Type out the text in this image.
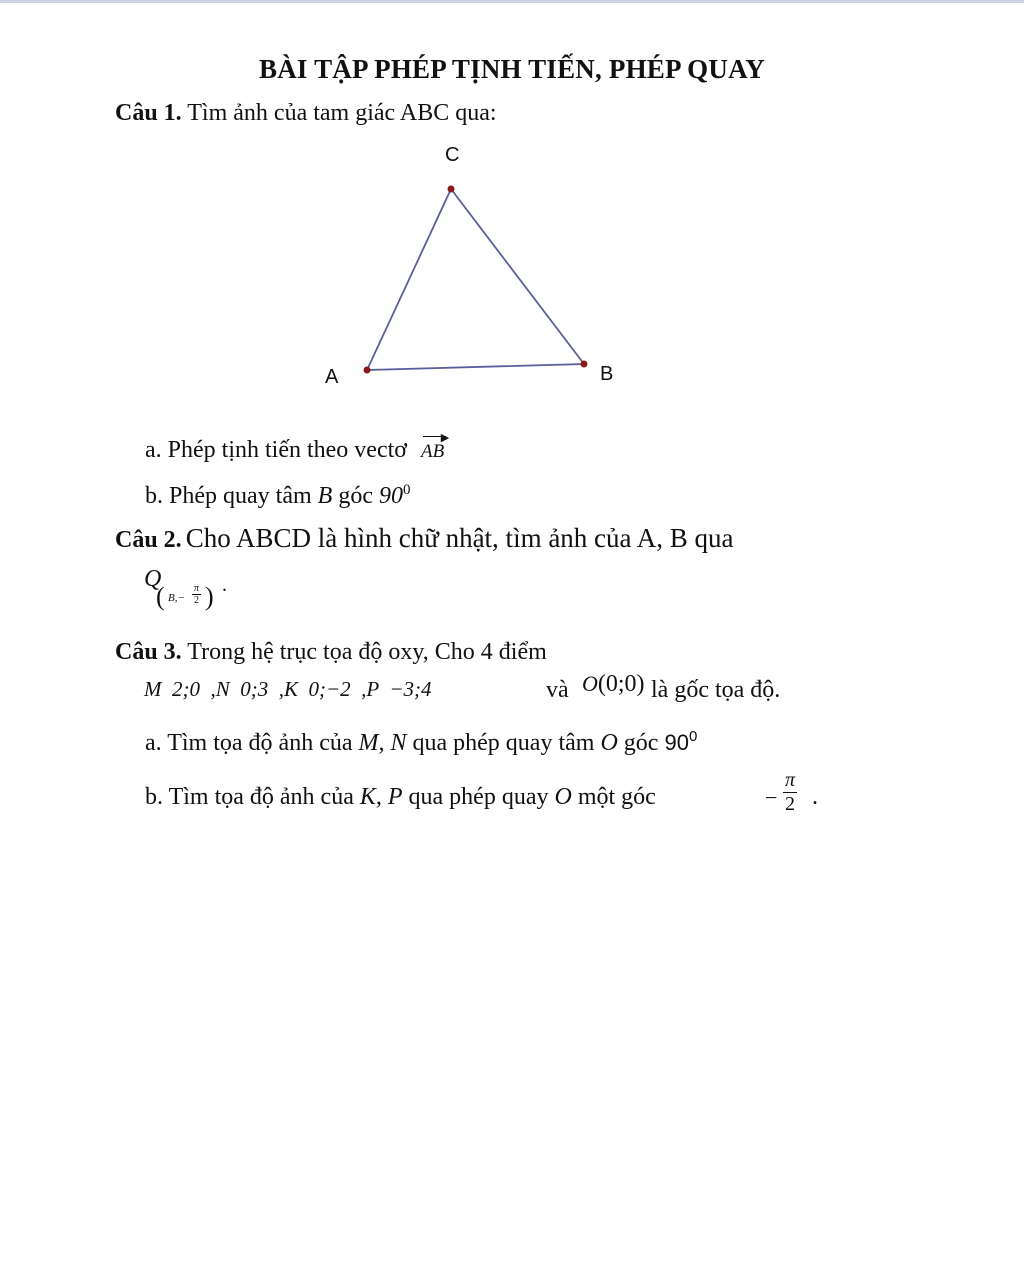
BÀI TẬP PHÉP TỊNH TIẾN, PHÉP QUAY
Câu 1. Tìm ảnh của tam giác ABC qua:
C
A	B
a. Phép tịnh tiến theo vectơ AB
▶
b. Phép quay tâm B góc $90^0$
Câu 2. Cho ABCD là hình chữ nhật, tìm ảnh của A, B qua
Q
( $B,- \frac{\pi}{2}$ ) .
Câu 3. Trong hệ trục tọa độ oxy, Cho 4 điểm
M  2;0  ,N  0;3  ,K  0;−2  ,P  −3;4	và O(0;0) là gốc tọa độ.
a. Tìm tọa độ ảnh của M, N qua phép quay tâm O góc $90^0$
b. Tìm tọa độ ảnh của K, P qua phép quay O một góc	− $\frac{\pi}{2}$ .
